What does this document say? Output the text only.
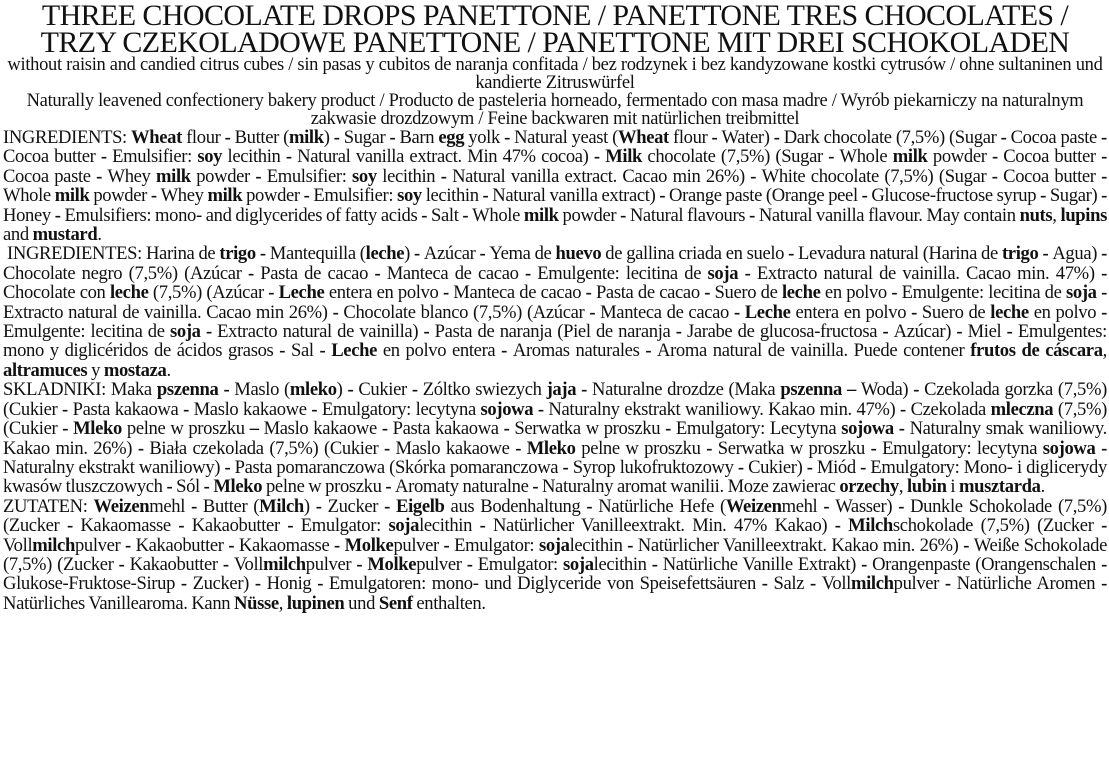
THREE CHOCOLATE DROPS PANETTONE / PANETTONE TRES CHOCOLATES / TRZY CZEKOLADOWE PANETTONE / PANETTONE MIT DREI SCHOKOLADEN
without raisin and candied citrus cubes / sin pasas y cubitos de naranja confitada / bez rodzynek i bez kandyzowane kostki cytrusów / ohne sultaninen und kandierte Zitruswürfel
Naturally leavened confectionery bakery product / Producto de pasteleria horneado, fermentado con masa madre / Wyrób piekarniczy na naturalnym zakwasie drozdzowym / Feine backwaren mit natürlichen treibmittel
INGREDIENTS: Wheat flour - Butter (milk) - Sugar - Barn egg yolk - Natural yeast (Wheat flour - Water) - Dark chocolate (7,5%) (Sugar - Cocoa paste - Cocoa butter - Emulsifier: soy lecithin - Natural vanilla extract. Min 47% cocoa) - Milk chocolate (7,5%) (Sugar - Whole milk powder - Cocoa butter - Cocoa paste - Whey milk powder - Emulsifier: soy lecithin - Natural vanilla extract. Cacao min 26%) - White chocolate (7,5%) (Sugar - Cocoa butter - Whole milk powder - Whey milk powder - Emulsifier: soy lecithin - Natural vanilla extract) - Orange paste (Orange peel - Glucose-fructose syrup - Sugar) - Honey - Emulsifiers: mono- and diglycerides of fatty acids - Salt - Whole milk powder - Natural flavours - Natural vanilla flavour. May contain nuts, lupins and mustard.
INGREDIENTES: Harina de trigo - Mantequilla (leche) - Azúcar - Yema de huevo de gallina criada en suelo - Levadura natural (Harina de trigo - Agua) - Chocolate negro (7,5%) (Azúcar - Pasta de cacao - Manteca de cacao - Emulgente: lecitina de soja - Extracto natural de vainilla. Cacao min. 47%) - Chocolate con leche (7,5%) (Azúcar - Leche entera en polvo - Manteca de cacao - Pasta de cacao - Suero de leche en polvo - Emulgente: lecitina de soja - Extracto natural de vainilla. Cacao min 26%) - Chocolate blanco (7,5%) (Azúcar - Manteca de cacao - Leche entera en polvo - Suero de leche en polvo - Emulgente: lecitina de soja - Extracto natural de vainilla) - Pasta de naranja (Piel de naranja - Jarabe de glucosa-fructosa - Azúcar) - Miel - Emulgentes: mono y diglicéridos de ácidos grasos - Sal - Leche en polvo entera - Aromas naturales - Aroma natural de vainilla. Puede contener frutos de cáscara, altramuces y mostaza.
SKLADNIKI: Maka pszenna - Maslo (mleko) - Cukier - Zóltko swiezych jaja - Naturalne drozdze (Maka pszenna – Woda) - Czekolada gorzka (7,5%) (Cukier - Pasta kakaowa - Maslo kakaowe - Emulgatory: lecytyna sojowa - Naturalny ekstrakt waniliowy. Kakao min. 47%) - Czekolada mleczna (7,5%) (Cukier - Mleko pelne w proszku – Maslo kakaowe - Pasta kakaowa - Serwatka w proszku - Emulgatory: Lecytyna sojowa - Naturalny smak waniliowy. Kakao min. 26%) - Biała czekolada (7,5%) (Cukier - Maslo kakaowe - Mleko pelne w proszku - Serwatka w proszku - Emulgatory: lecytyna sojowa - Naturalny ekstrakt waniliowy) - Pasta pomaranczowa (Skórka pomaranczowa - Syrop lukofruktozowy - Cukier) - Miód - Emulgatory: Mono- i diglicerydy kwasów tluszczowych - Sól - Mleko pelne w proszku - Aromaty naturalne - Naturalny aromat wanilii. Moze zawierac orzechy, lubin i musztarda.
ZUTATEN: Weizenmehl - Butter (Milch) - Zucker - Eigelb aus Bodenhaltung - Natürliche Hefe (Weizenmehl - Wasser) - Dunkle Schokolade (7,5%) (Zucker - Kakaomasse - Kakaobutter - Emulgator: sojalecithin - Natürlicher Vanilleextrakt. Min. 47% Kakao) - Milchschokolade (7,5%) (Zucker - Vollmilchpulver - Kakaobutter - Kakaomasse - Molkepulver - Emulgator: sojalecithin - Natürlicher Vanilleextrakt. Kakao min. 26%) - Weiße Schokolade (7,5%) (Zucker - Kakaobutter - Vollmilchpulver - Molkepulver - Emulgator: sojalecithin - Natürliche Vanille Extrakt) - Orangenpaste (Orangenschalen - Glukose-Fruktose-Sirup - Zucker) - Honig - Emulgatoren: mono- und Diglyceride von Speisefettsäuren - Salz - Vollmilchpulver - Natürliche Aromen - Natürliches Vanillearoma. Kann Nüsse, lupinen und Senf enthalten.
